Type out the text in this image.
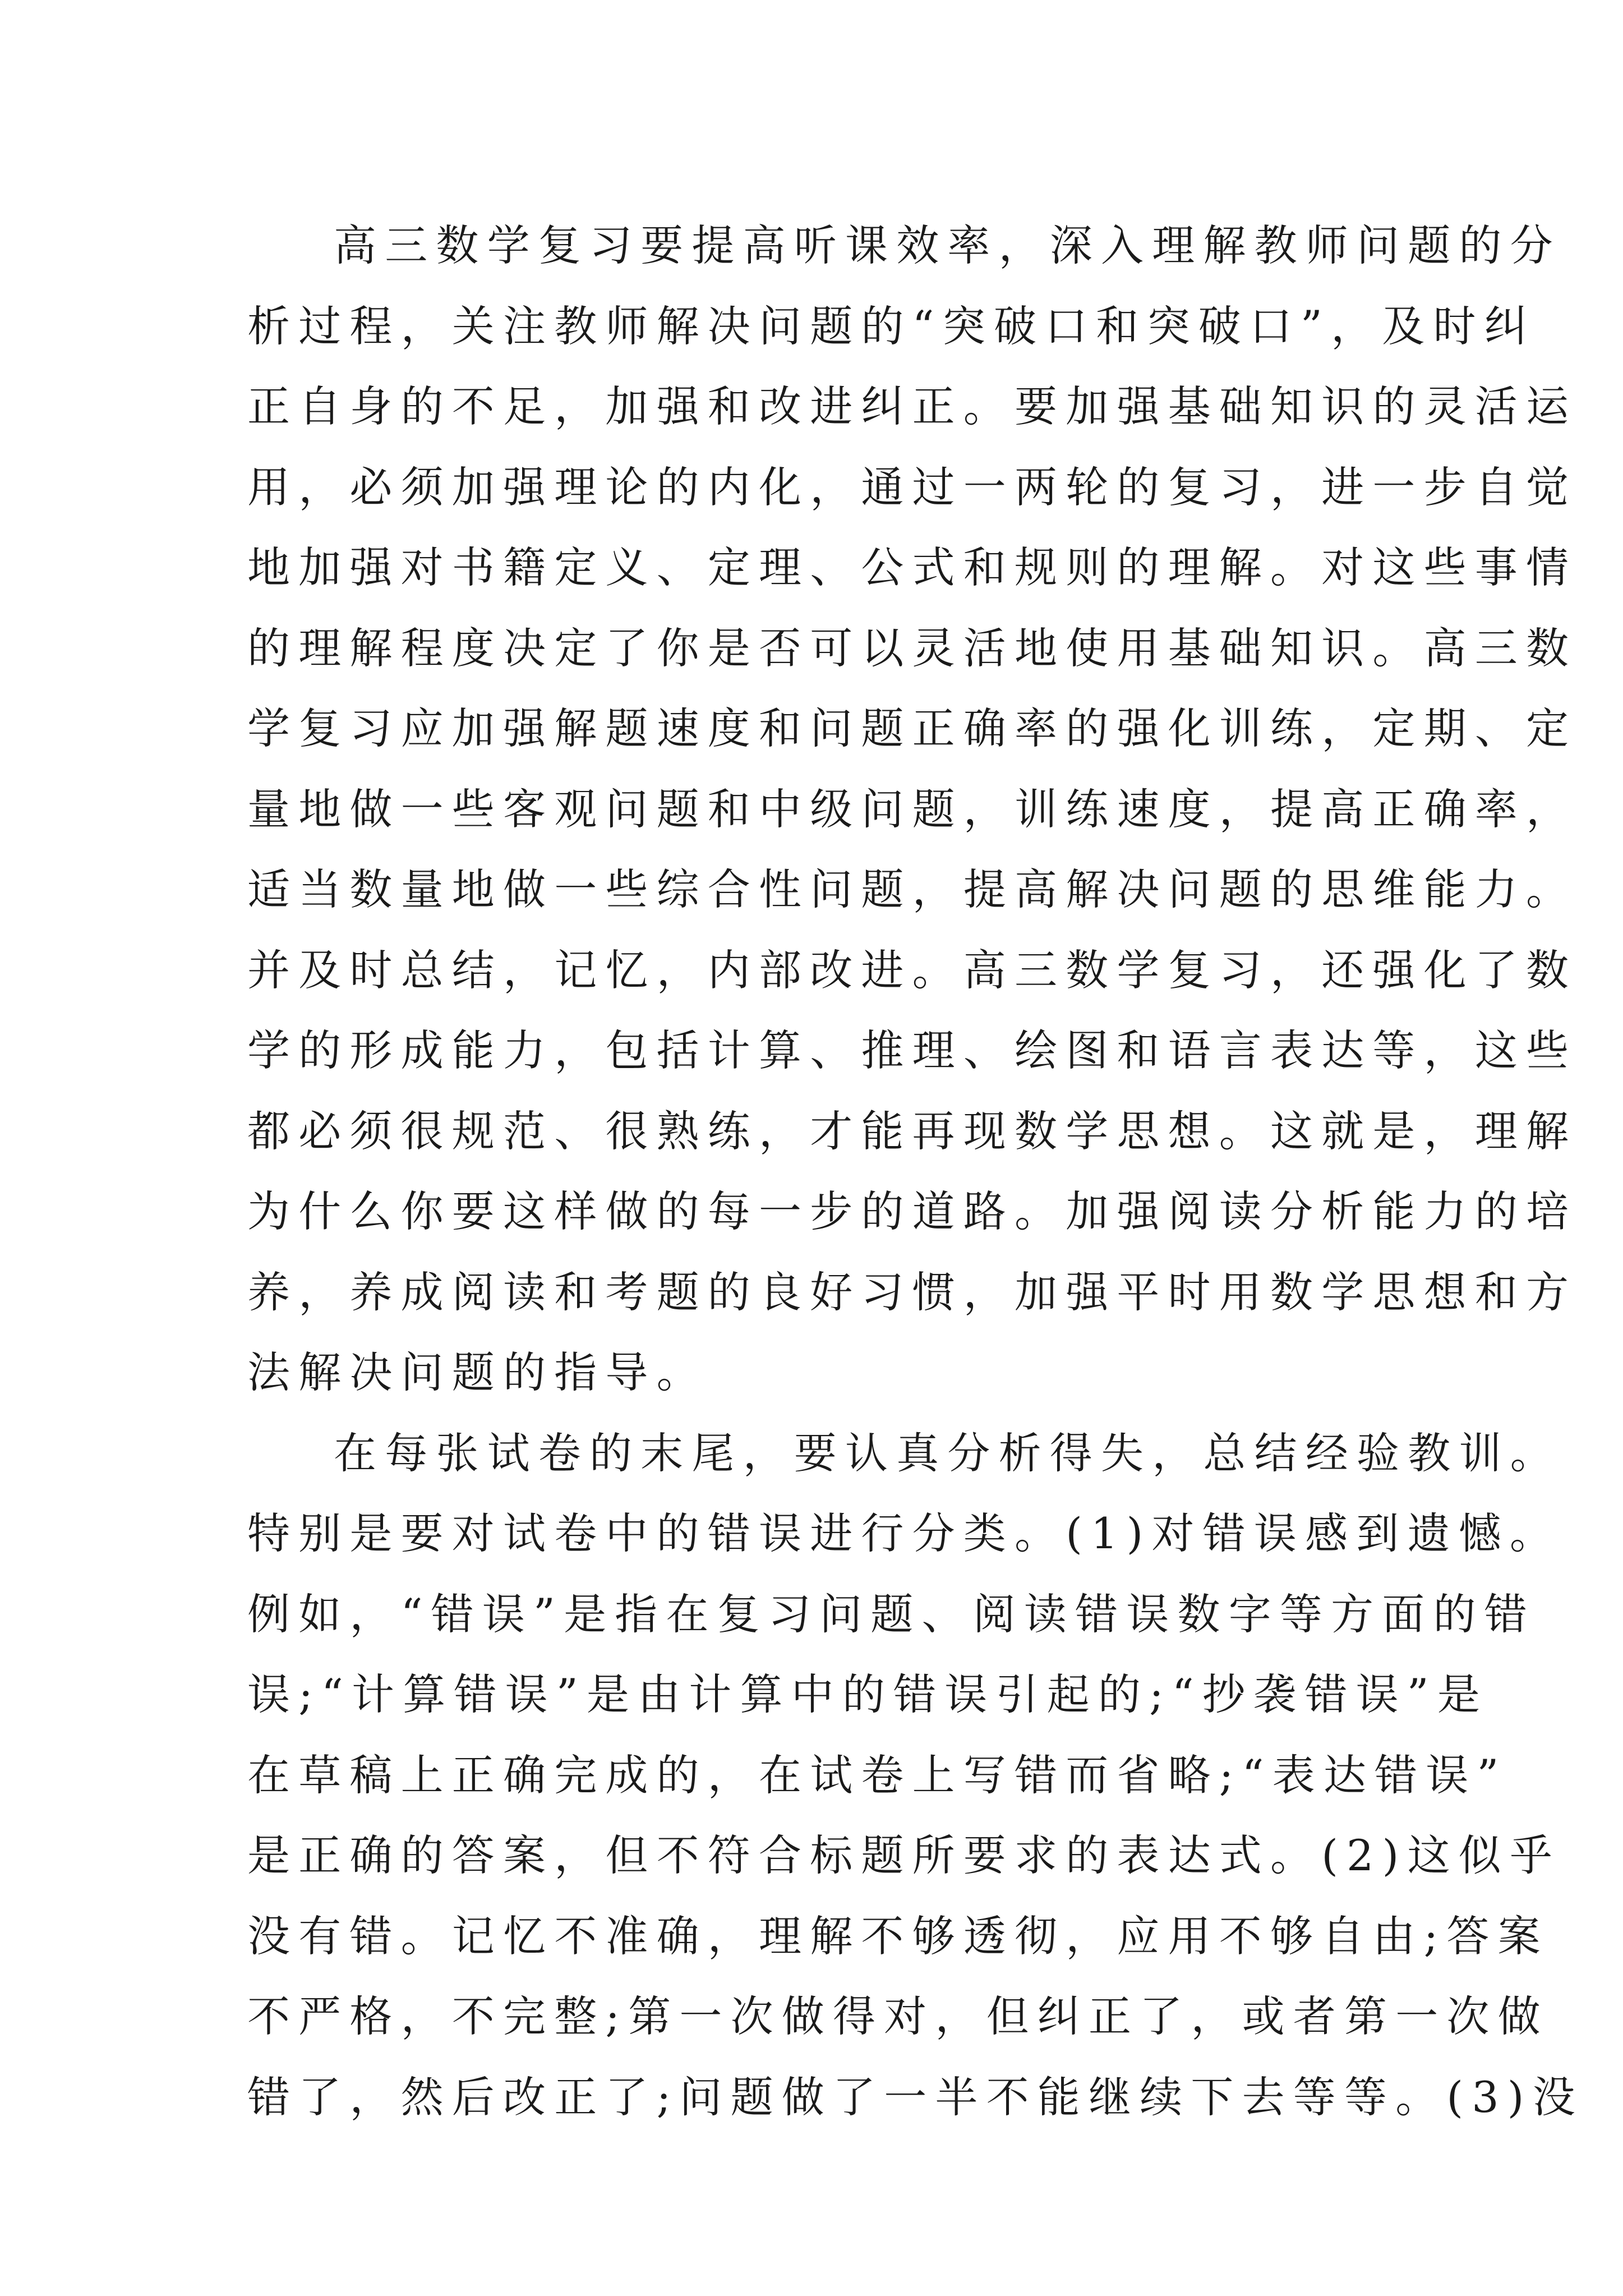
高三数学复习要提高听课效率，深入理解教师问题的分
析过程，关注教师解决问题的“突破口和突破口”，及时纠
正自身的不足，加强和改进纠正。要加强基础知识的灵活运
用，必须加强理论的内化，通过一两轮的复习，进一步自觉
地加强对书籍定义、定理、公式和规则的理解。对这些事情
的理解程度决定了你是否可以灵活地使用基础知识。高三数
学复习应加强解题速度和问题正确率的强化训练，定期、定
量地做一些客观问题和中级问题，训练速度，提高正确率，
适当数量地做一些综合性问题，提高解决问题的思维能力。
并及时总结，记忆，内部改进。高三数学复习，还强化了数
学的形成能力，包括计算、推理、绘图和语言表达等，这些
都必须很规范、很熟练，才能再现数学思想。这就是，理解
为什么你要这样做的每一步的道路。加强阅读分析能力的培
养，养成阅读和考题的良好习惯，加强平时用数学思想和方
法解决问题的指导。
在每张试卷的末尾，要认真分析得失，总结经验教训。
特别是要对试卷中的错误进行分类。(1)对错误感到遗憾。
例如，“错误”是指在复习问题、阅读错误数字等方面的错
误;“计算错误”是由计算中的错误引起的;“抄袭错误”是
在草稿上正确完成的，在试卷上写错而省略;“表达错误”
是正确的答案，但不符合标题所要求的表达式。(2)这似乎
没有错。记忆不准确，理解不够透彻，应用不够自由;答案
不严格，不完整;第一次做得对，但纠正了，或者第一次做
错了，然后改正了;问题做了一半不能继续下去等等。(3)没
